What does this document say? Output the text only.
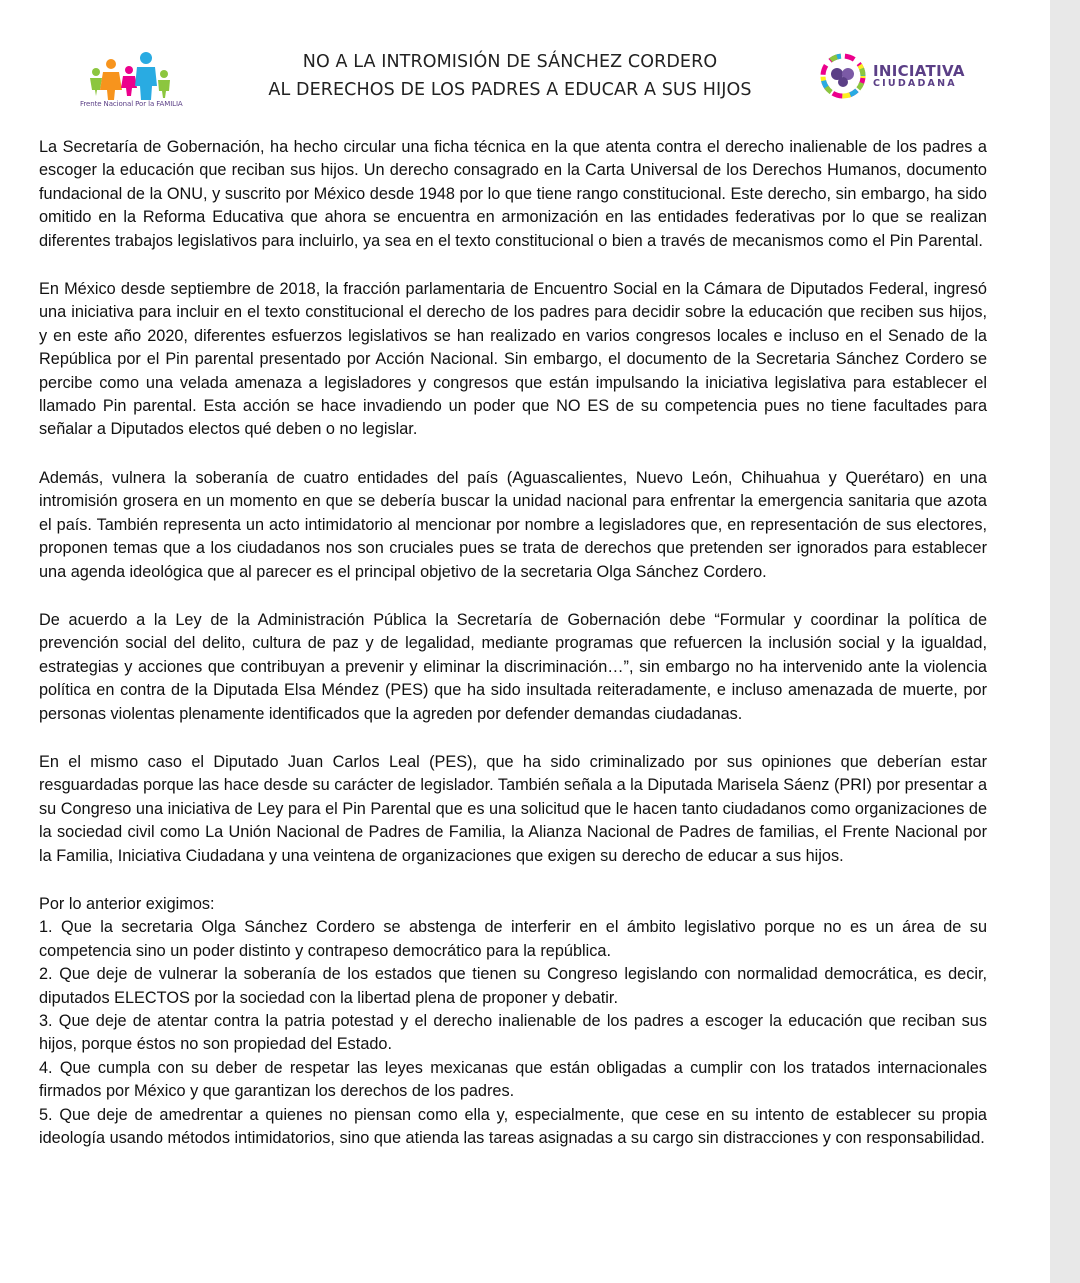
Frente Nacional Por la FAMILIA
NO A LA INTROMISIÓN DE SÁNCHEZ CORDERO
AL DERECHOS DE LOS PADRES A EDUCAR A SUS HIJOS
INICIATIVA
CIUDADANA

La Secretaría de Gobernación, ha hecho circular una ficha técnica en la que atenta contra el derecho inalienable de los padres a escoger la educación que reciban sus hijos. Un derecho consagrado en la Carta Universal de los Derechos Humanos, documento fundacional de la ONU, y suscrito por México desde 1948 por lo que tiene rango constitucional. Este derecho, sin embargo, ha sido omitido en la Reforma Educativa que ahora se encuentra en armonización en las entidades federativas por lo que se realizan diferentes trabajos legislativos para incluirlo, ya sea en el texto constitucional o bien a través de mecanismos como el Pin Parental.

En México desde septiembre de 2018, la fracción parlamentaria de Encuentro Social en la Cámara de Diputados Federal, ingresó una iniciativa para incluir en el texto constitucional el derecho de los padres para decidir sobre la educación que reciben sus hijos, y en este año 2020, diferentes esfuerzos legislativos se han realizado en varios congresos locales e incluso en el Senado de la República por el Pin parental presentado por Acción Nacional. Sin embargo, el documento de la Secretaria Sánchez Cordero se percibe como una velada amenaza a legisladores y congresos que están impulsando la iniciativa legislativa para establecer el llamado Pin parental. Esta acción se hace invadiendo un poder que NO ES de su competencia pues no tiene facultades para señalar a Diputados electos qué deben o no legislar.

Además, vulnera la soberanía de cuatro entidades del país (Aguascalientes, Nuevo León, Chihuahua y Querétaro) en una intromisión grosera en un momento en que se debería buscar la unidad nacional para enfrentar la emergencia sanitaria que azota el país. También representa un acto intimidatorio al mencionar por nombre a legisladores que, en representación de sus electores, proponen temas que a los ciudadanos nos son cruciales pues se trata de derechos que pretenden ser ignorados para establecer una agenda ideológica que al parecer es el principal objetivo de la secretaria Olga Sánchez Cordero.

De acuerdo a la Ley de la Administración Pública la Secretaría de Gobernación debe “Formular y coordinar la política de prevención social del delito, cultura de paz y de legalidad, mediante programas que refuercen la inclusión social y la igualdad, estrategias y acciones que contribuyan a prevenir y eliminar la discriminación…”, sin embargo no ha intervenido ante la violencia política en contra de la Diputada Elsa Méndez (PES) que ha sido insultada reiteradamente, e incluso amenazada de muerte, por personas violentas plenamente identificados que la agreden por defender demandas ciudadanas.

En el mismo caso el Diputado Juan Carlos Leal (PES), que ha sido criminalizado por sus opiniones que deberían estar resguardadas porque las hace desde su carácter de legislador. También señala a la Diputada Marisela Sáenz (PRI) por presentar a su Congreso una iniciativa de Ley para el Pin Parental que es una solicitud que le hacen tanto ciudadanos como organizaciones de la sociedad civil como La Unión Nacional de Padres de Familia, la Alianza Nacional de Padres de familias, el Frente Nacional por la Familia, Iniciativa Ciudadana y una veintena de organizaciones que exigen su derecho de educar a sus hijos.

Por lo anterior exigimos:
1. Que la secretaria Olga Sánchez Cordero se abstenga de interferir en el ámbito legislativo porque no es un área de su competencia sino un poder distinto y contrapeso democrático para la república.
2. Que deje de vulnerar la soberanía de los estados que tienen su Congreso legislando con normalidad democrática, es decir, diputados ELECTOS por la sociedad con la libertad plena de proponer y debatir.
3. Que deje de atentar contra la patria potestad y el derecho inalienable de los padres a escoger la educación que reciban sus hijos, porque éstos no son propiedad del Estado.
4. Que cumpla con su deber de respetar las leyes mexicanas que están obligadas a cumplir con los tratados internacionales firmados por México y que garantizan los derechos de los padres.
5. Que deje de amedrentar a quienes no piensan como ella y, especialmente, que cese en su intento de establecer su propia ideología usando métodos intimidatorios, sino que atienda las tareas asignadas a su cargo sin distracciones y con responsabilidad.
